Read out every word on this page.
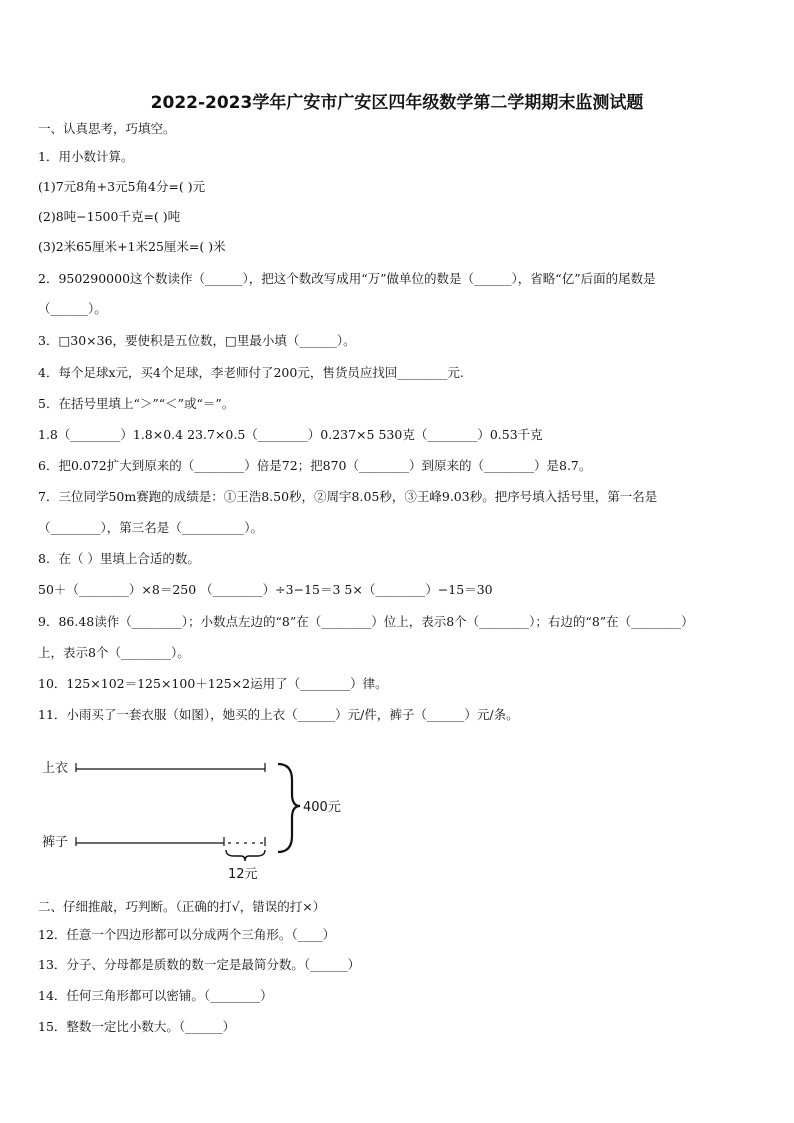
2022-2023学年广安市广安区四年级数学第二学期期末监测试题
一、认真思考，巧填空。
1．用小数计算。
(1)7元8角+3元5角4分=( )元
(2)8吨−1500千克=( )吨
(3)2米65厘米+1米25厘米=( )米
2．950290000这个数读作（______），把这个数改写成用“万”做单位的数是（______），省略“亿”后面的尾数是
（______）。
3．□30×36，要使积是五位数，□里最小填（______）。
4．每个足球x元，买4个足球，李老师付了200元，售货员应找回________元.
5．在括号里填上“＞”“＜”或“＝”。
1.8（________）1.8×0.4 23.7×0.5（________）0.237×5 530克（________）0.53千克
6．把0.072扩大到原来的（________）倍是72；把870（________）到原来的（________）是8.7。
7．三位同学50m赛跑的成绩是：①王浩8.50秒，②周宇8.05秒，③王峰9.03秒。把序号填入括号里，第一名是
（________），第三名是（__________）。
8．在（ ）里填上合适的数。
50＋（________）×8＝250 （________）÷3−15＝3 5×（________）−15＝30
9．86.48读作（________）；小数点左边的“8”在（________）位上，表示8个（________）；右边的“8”在（________）
上，表示8个（________）。
10．125×102＝125×100＋125×2运用了（________）律。
11．小雨买了一套衣服（如图），她买的上衣（______）元/件，裤子（______）元/条。
二、仔细推敲，巧判断。（正确的打√，错误的打×）
12．任意一个四边形都可以分成两个三角形。（____）
13．分子、分母都是质数的数一定是最简分数。（______）
14．任何三角形都可以密铺。（________）
15．整数一定比小数大。（______）
上衣
裤子
12元
400元
